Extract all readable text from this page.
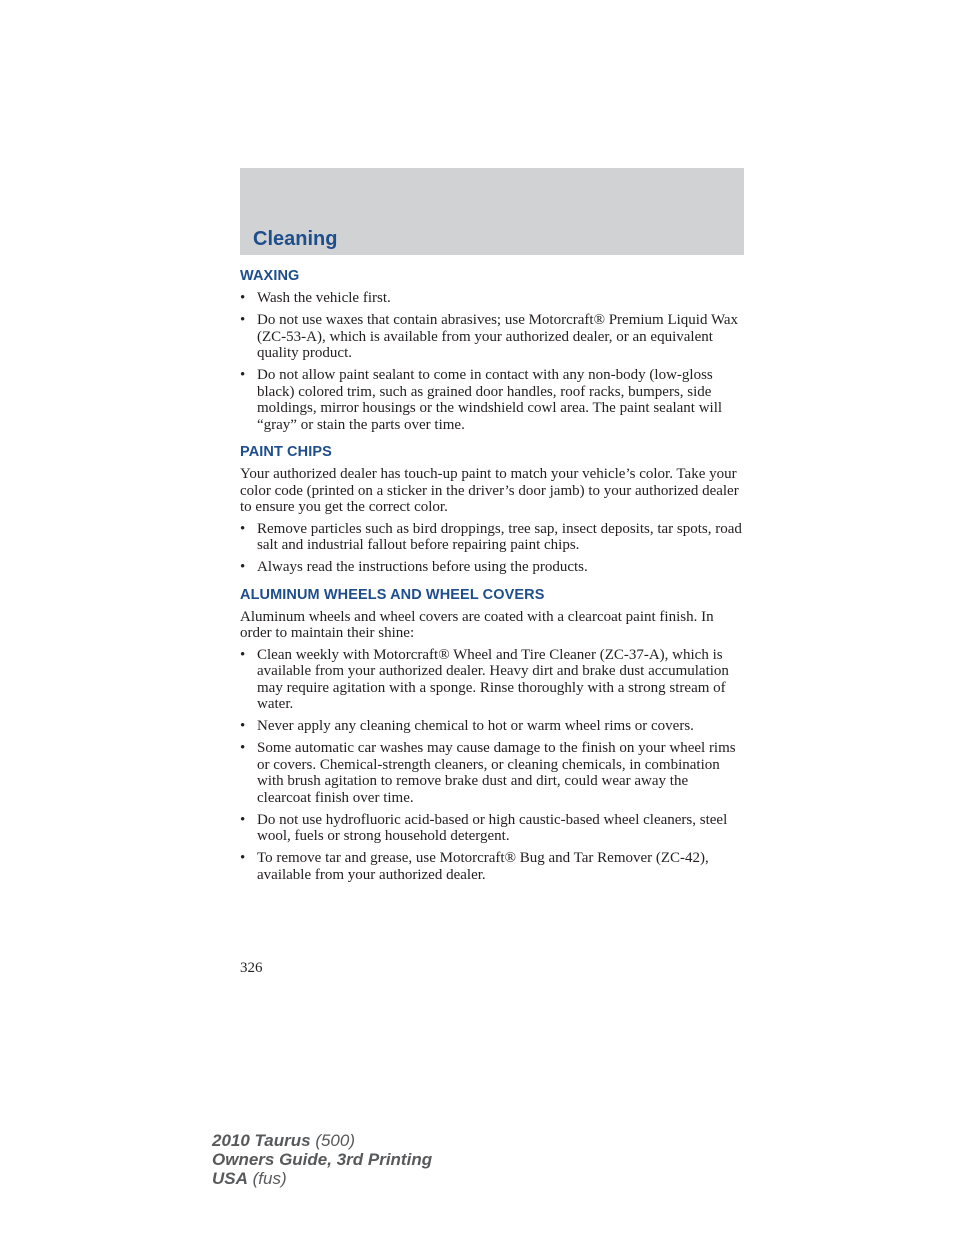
Cleaning
WAXING
• Wash the vehicle first.
• Do not use waxes that contain abrasives; use Motorcraft® Premium Liquid Wax (ZC-53-A), which is available from your authorized dealer, or an equivalent quality product.
• Do not allow paint sealant to come in contact with any non-body (low-gloss black) colored trim, such as grained door handles, roof racks, bumpers, side moldings, mirror housings or the windshield cowl area. The paint sealant will “gray” or stain the parts over time.
PAINT CHIPS

Your authorized dealer has touch-up paint to match your vehicle’s color. Take your color code (printed on a sticker in the driver’s door jamb) to your authorized dealer to ensure you get the correct color.

• Remove particles such as bird droppings, tree sap, insect deposits, tar spots, road salt and industrial fallout before repairing paint chips.
• Always read the instructions before using the products.
ALUMINUM WHEELS AND WHEEL COVERS

Aluminum wheels and wheel covers are coated with a clearcoat paint finish. In order to maintain their shine:

• Clean weekly with Motorcraft® Wheel and Tire Cleaner (ZC-37-A), which is available from your authorized dealer. Heavy dirt and brake dust accumulation may require agitation with a sponge. Rinse thoroughly with a strong stream of water.
• Never apply any cleaning chemical to hot or warm wheel rims or covers.
• Some automatic car washes may cause damage to the finish on your wheel rims or covers. Chemical-strength cleaners, or cleaning chemicals, in combination with brush agitation to remove brake dust and dirt, could wear away the clearcoat finish over time.
• Do not use hydrofluoric acid-based or high caustic-based wheel cleaners, steel wool, fuels or strong household detergent.
• To remove tar and grease, use Motorcraft® Bug and Tar Remover (ZC-42), available from your authorized dealer.
326
2010 Taurus (500)
Owners Guide, 3rd Printing
USA (fus)
